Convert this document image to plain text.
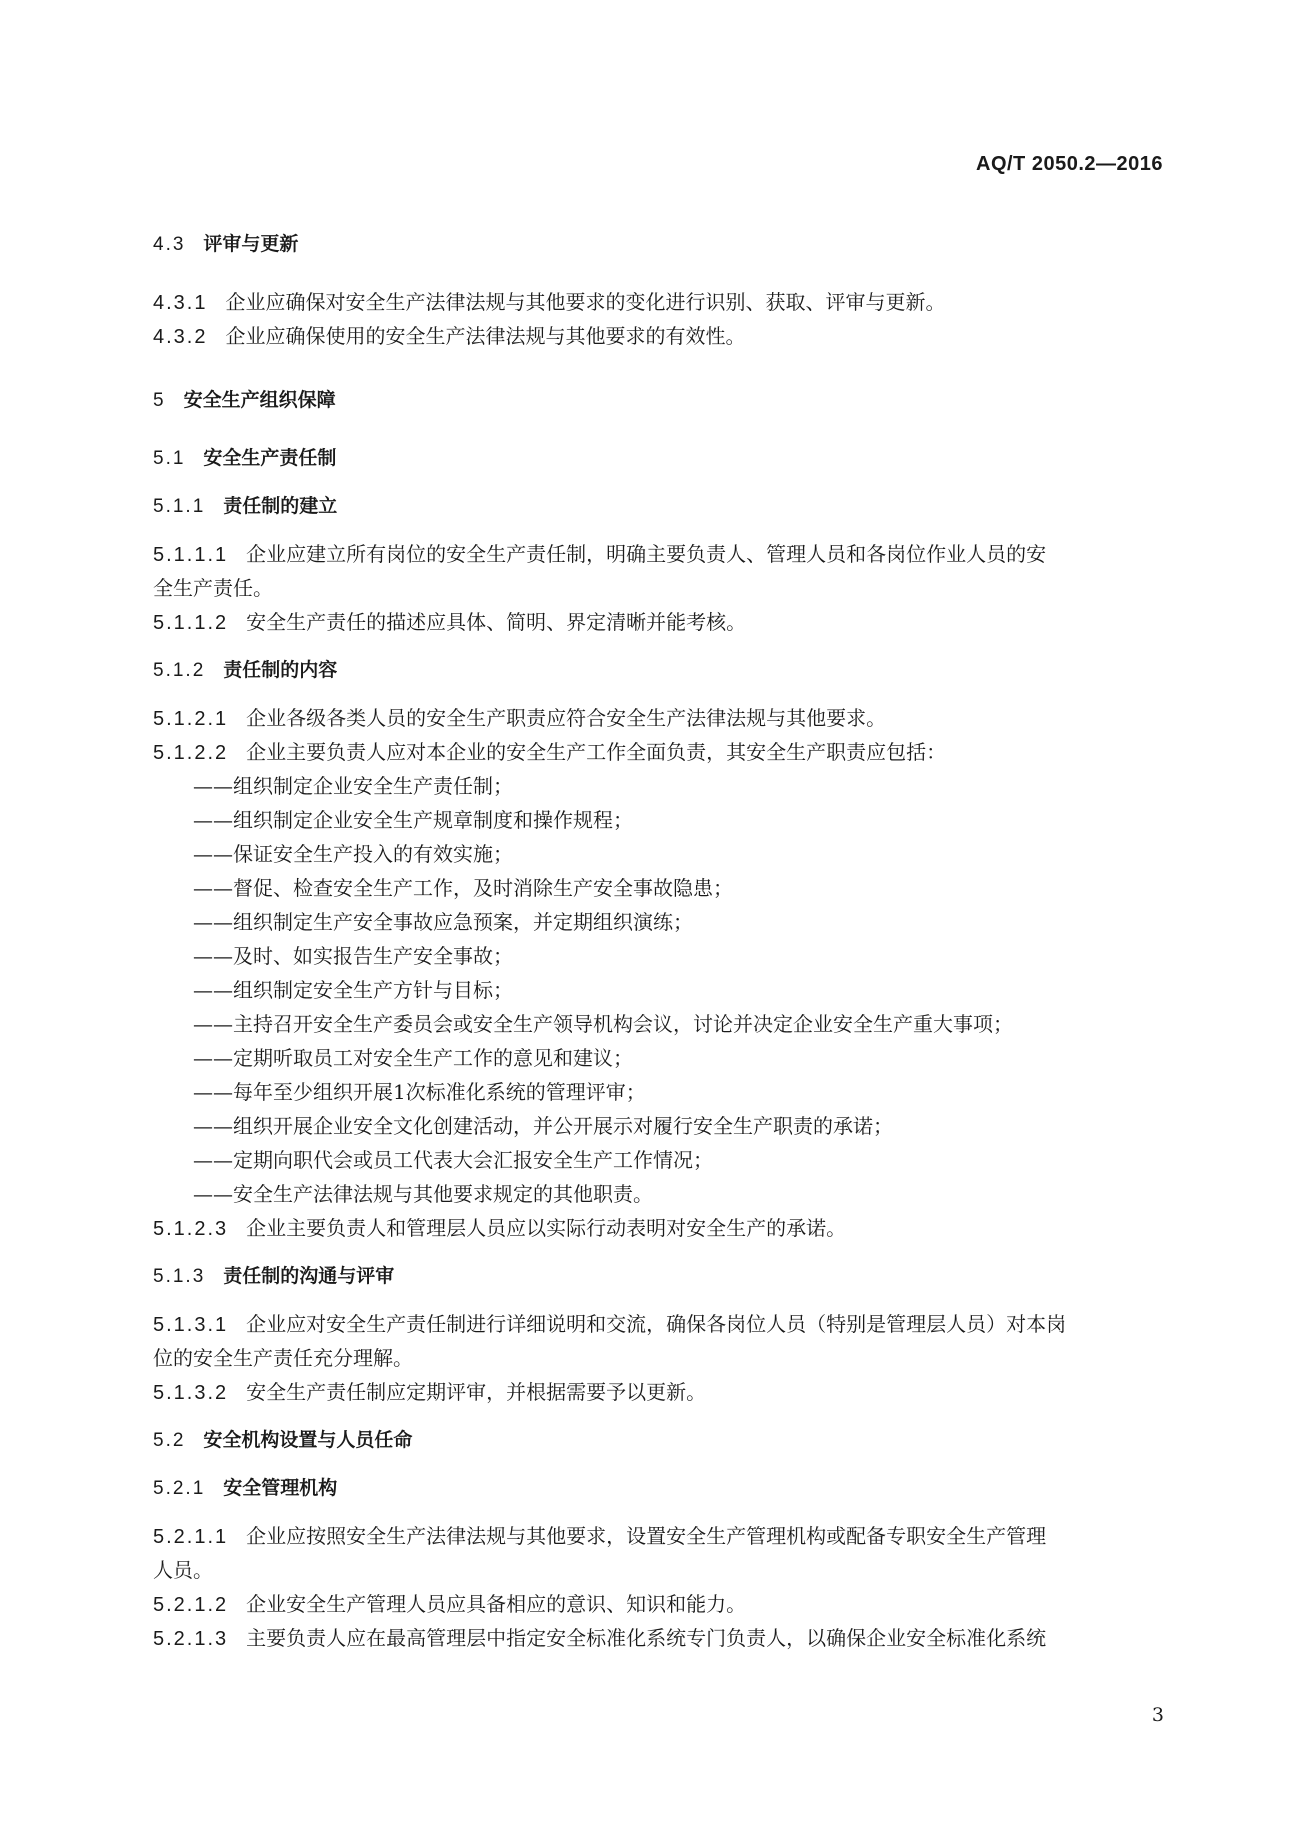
AQ/T 2050.2—2016
4.3 评审与更新
4.3.1 企业应确保对安全生产法律法规与其他要求的变化进行识别、获取、评审与更新。
4.3.2 企业应确保使用的安全生产法律法规与其他要求的有效性。
5 安全生产组织保障
5.1 安全生产责任制
5.1.1 责任制的建立
5.1.1.1 企业应建立所有岗位的安全生产责任制，明确主要负责人、管理人员和各岗位作业人员的安
全生产责任。
5.1.1.2 安全生产责任的描述应具体、简明、界定清晰并能考核。
5.1.2 责任制的内容
5.1.2.1 企业各级各类人员的安全生产职责应符合安全生产法律法规与其他要求。
5.1.2.2 企业主要负责人应对本企业的安全生产工作全面负责，其安全生产职责应包括：
——组织制定企业安全生产责任制；
——组织制定企业安全生产规章制度和操作规程；
——保证安全生产投入的有效实施；
——督促、检查安全生产工作，及时消除生产安全事故隐患；
——组织制定生产安全事故应急预案，并定期组织演练；
——及时、如实报告生产安全事故；
——组织制定安全生产方针与目标；
——主持召开安全生产委员会或安全生产领导机构会议，讨论并决定企业安全生产重大事项；
——定期听取员工对安全生产工作的意见和建议；
——每年至少组织开展1次标准化系统的管理评审；
——组织开展企业安全文化创建活动，并公开展示对履行安全生产职责的承诺；
——定期向职代会或员工代表大会汇报安全生产工作情况；
——安全生产法律法规与其他要求规定的其他职责。
5.1.2.3 企业主要负责人和管理层人员应以实际行动表明对安全生产的承诺。
5.1.3 责任制的沟通与评审
5.1.3.1 企业应对安全生产责任制进行详细说明和交流，确保各岗位人员（特别是管理层人员）对本岗
位的安全生产责任充分理解。
5.1.3.2 安全生产责任制应定期评审，并根据需要予以更新。
5.2 安全机构设置与人员任命
5.2.1 安全管理机构
5.2.1.1 企业应按照安全生产法律法规与其他要求，设置安全生产管理机构或配备专职安全生产管理
人员。
5.2.1.2 企业安全生产管理人员应具备相应的意识、知识和能力。
5.2.1.3 主要负责人应在最高管理层中指定安全标准化系统专门负责人，以确保企业安全标准化系统
3
